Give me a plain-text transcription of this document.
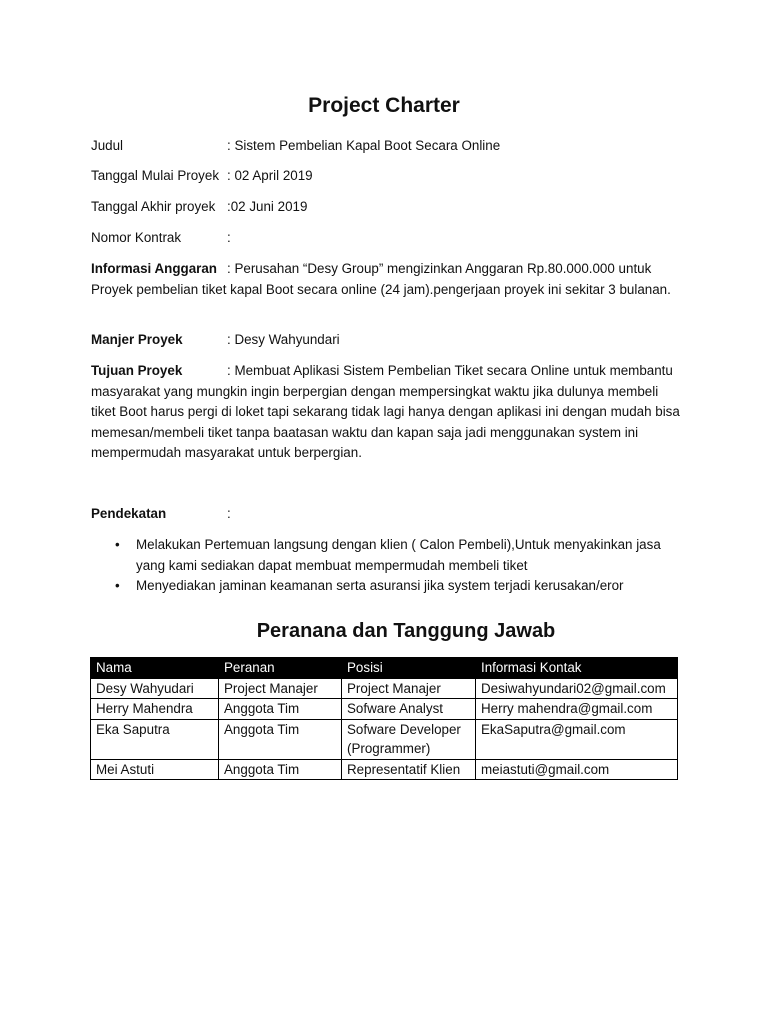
Project Charter
Judul	: Sistem Pembelian Kapal Boot Secara Online
Tanggal Mulai Proyek : 02 April 2019
Tanggal Akhir proyek :02 Juni 2019
Nomor Kontrak	:
Informasi Anggaran : Perusahan “Desy Group” mengizinkan Anggaran Rp.80.000.000 untuk Proyek pembelian tiket kapal Boot secara online (24 jam).pengerjaan proyek ini sekitar 3 bulanan.
Manjer Proyek	: Desy Wahyundari
Tujuan Proyek	: Membuat Aplikasi Sistem Pembelian Tiket secara Online untuk membantu masyarakat yang mungkin ingin berpergian dengan mempersingkat waktu jika dulunya membeli tiket Boot harus pergi di loket tapi sekarang tidak lagi hanya dengan aplikasi ini dengan mudah bisa memesan/membeli tiket tanpa baatasan waktu dan kapan saja jadi menggunakan system ini mempermudah masyarakat untuk berpergian.
Pendekatan	:
• Melakukan Pertemuan langsung dengan klien ( Calon Pembeli),Untuk menyakinkan jasa yang kami sediakan dapat membuat mempermudah membeli tiket
• Menyediakan jaminan keamanan serta asuransi jika system terjadi kerusakan/eror
Peranana dan Tanggung Jawab
Nama	Peranan	Posisi	Informasi Kontak
Desy Wahyudari	Project Manajer	Project Manajer	Desiwahyundari02@gmail.com
Herry Mahendra	Anggota Tim	Sofware Analyst	Herry mahendra@gmail.com
Eka Saputra	Anggota Tim	Sofware Developer (Programmer)	EkaSaputra@gmail.com
Mei Astuti	Anggota Tim	Representatif Klien	meiastuti@gmail.com
